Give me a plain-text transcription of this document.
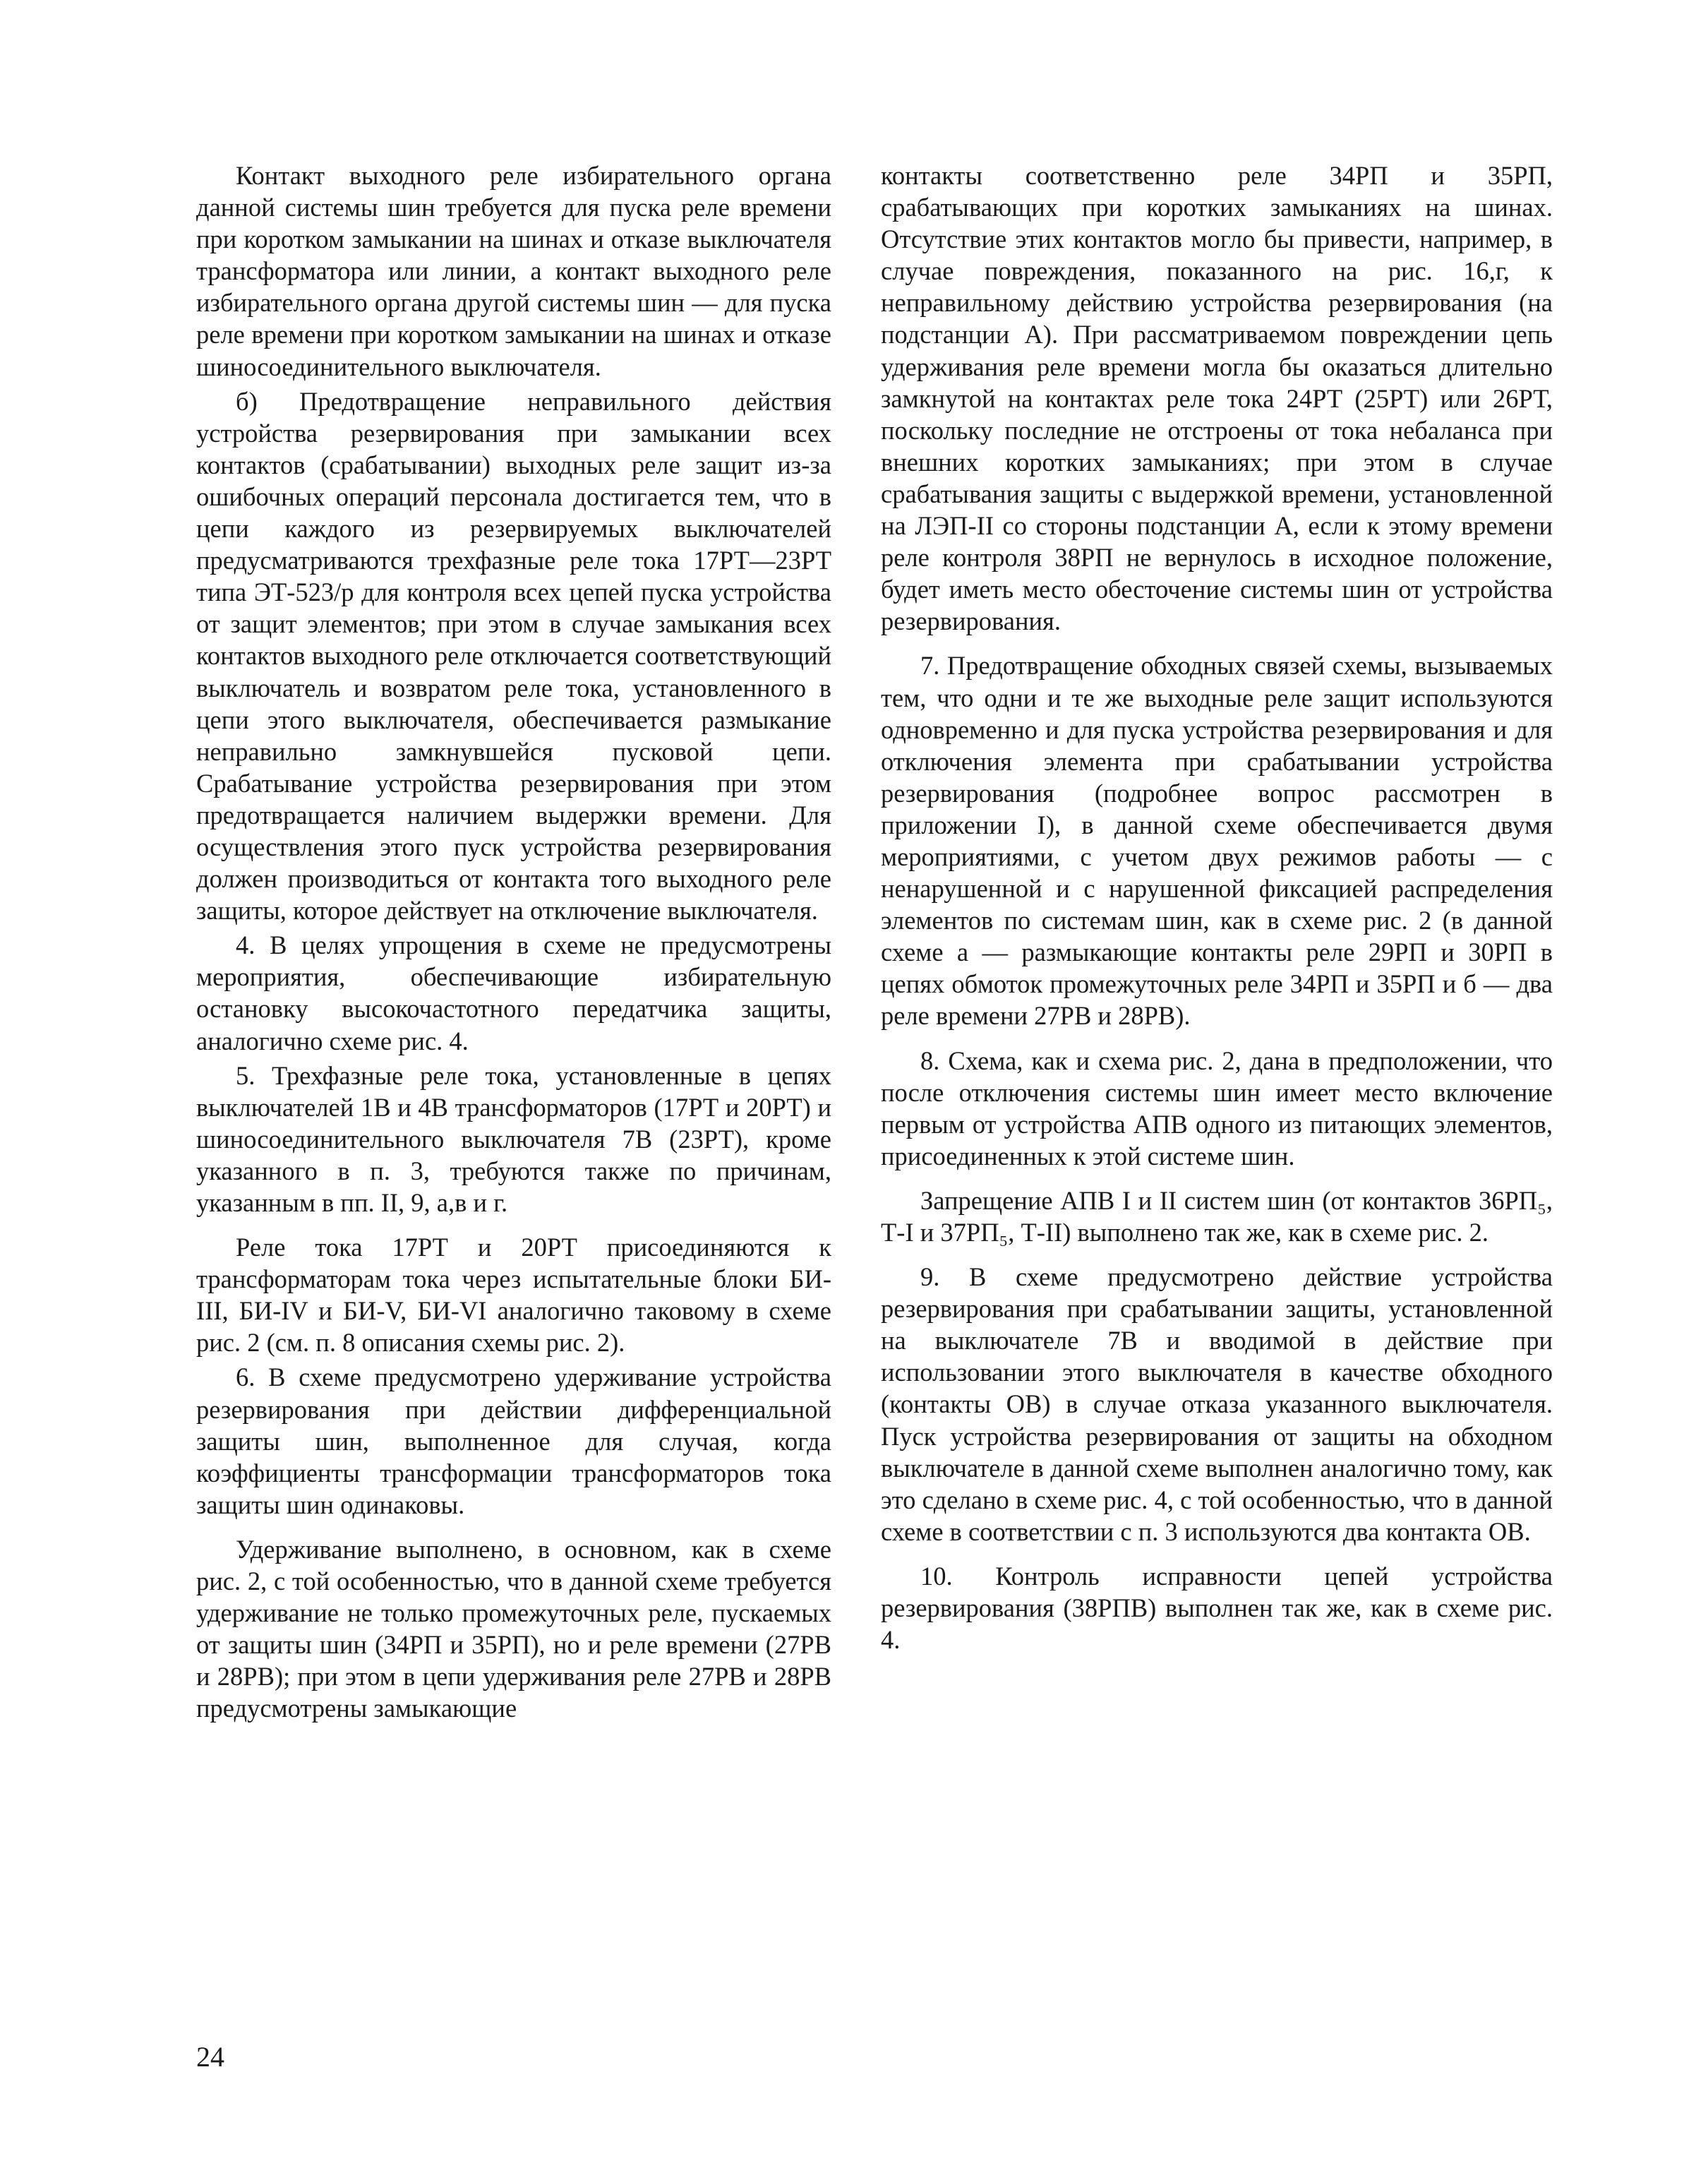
Контакт выходного реле избирательного органа данной системы шин требуется для пуска реле времени при коротком замыкании на шинах и отказе выключателя трансформатора или линии, а контакт выходного реле избирательного органа другой системы шин — для пуска реле времени при коротком замыкании на шинах и отказе шиносоединительного выключателя.

б) Предотвращение неправильного действия устройства резервирования при замыкании всех контактов (срабатывании) выходных реле защит из-за ошибочных операций персонала достигается тем, что в цепи каждого из резервируемых выключателей предусматриваются трехфазные реле тока 17РТ—23РТ типа ЭТ-523/р для контроля всех цепей пуска устройства от защит элементов; при этом в случае замыкания всех контактов выходного реле отключается соответствующий выключатель и возвратом реле тока, установленного в цепи этого выключателя, обеспечивается размыкание неправильно замкнувшейся пусковой цепи. Срабатывание устройства резервирования при этом предотвращается наличием выдержки времени. Для осуществления этого пуск устройства резервирования должен производиться от контакта того выходного реле защиты, которое действует на отключение выключателя.

4. В целях упрощения в схеме не предусмотрены мероприятия, обеспечивающие избирательную остановку высокочастотного передатчика защиты, аналогично схеме рис. 4.

5. Трехфазные реле тока, установленные в цепях выключателей 1В и 4В трансформаторов (17РТ и 20РТ) и шиносоединительного выключателя 7В (23РТ), кроме указанного в п. 3, требуются также по причинам, указанным в пп. II, 9, а,в и г.

Реле тока 17РТ и 20РТ присоединяются к трансформаторам тока через испытательные блоки БИ-III, БИ-IV и БИ-V, БИ-VI аналогично таковому в схеме рис. 2 (см. п. 8 описания схемы рис. 2).

6. В схеме предусмотрено удерживание устройства резервирования при действии дифференциальной защиты шин, выполненное для случая, когда коэффициенты трансформации трансформаторов тока защиты шин одинаковы.

Удерживание выполнено, в основном, как в схеме рис. 2, с той особенностью, что в данной схеме требуется удерживание не только промежуточных реле, пускаемых от защиты шин (34РП и 35РП), но и реле времени (27РВ и 28РВ); при этом в цепи удерживания реле 27РВ и 28РВ предусмотрены замыкающие

контакты соответственно реле 34РП и 35РП, срабатывающих при коротких замыканиях на шинах. Отсутствие этих контактов могло бы привести, например, в случае повреждения, показанного на рис. 16,г, к неправильному действию устройства резервирования (на подстанции А). При рассматриваемом повреждении цепь удерживания реле времени могла бы оказаться длительно замкнутой на контактах реле тока 24РТ (25РТ) или 26РТ, поскольку последние не отстроены от тока небаланса при внешних коротких замыканиях; при этом в случае срабатывания защиты с выдержкой времени, установленной на ЛЭП-II со стороны подстанции А, если к этому времени реле контроля 38РП не вернулось в исходное положение, будет иметь место обесточение системы шин от устройства резервирования.

7. Предотвращение обходных связей схемы, вызываемых тем, что одни и те же выходные реле защит используются одновременно и для пуска устройства резервирования и для отключения элемента при срабатывании устройства резервирования (подробнее вопрос рассмотрен в приложении I), в данной схеме обеспечивается двумя мероприятиями, с учетом двух режимов работы — с ненарушенной и с нарушенной фиксацией распределения элементов по системам шин, как в схеме рис. 2 (в данной схеме а — размыкающие контакты реле 29РП и 30РП в цепях обмоток промежуточных реле 34РП и 35РП и б — два реле времени 27РВ и 28РВ).

8. Схема, как и схема рис. 2, дана в предположении, что после отключения системы шин имеет место включение первым от устройства АПВ одного из питающих элементов, присоединенных к этой системе шин.

Запрещение АПВ I и II систем шин (от контактов 36РП₅, Т-I и 37РП₅, Т-II) выполнено так же, как в схеме рис. 2.

9. В схеме предусмотрено действие устройства резервирования при срабатывании защиты, установленной на выключателе 7В и вводимой в действие при использовании этого выключателя в качестве обходного (контакты ОВ) в случае отказа указанного выключателя. Пуск устройства резервирования от защиты на обходном выключателе в данной схеме выполнен аналогично тому, как это сделано в схеме рис. 4, с той особенностью, что в данной схеме в соответствии с п. 3 используются два контакта ОВ.

10. Контроль исправности цепей устройства резервирования (38РПВ) выполнен так же, как в схеме рис. 4.

24
